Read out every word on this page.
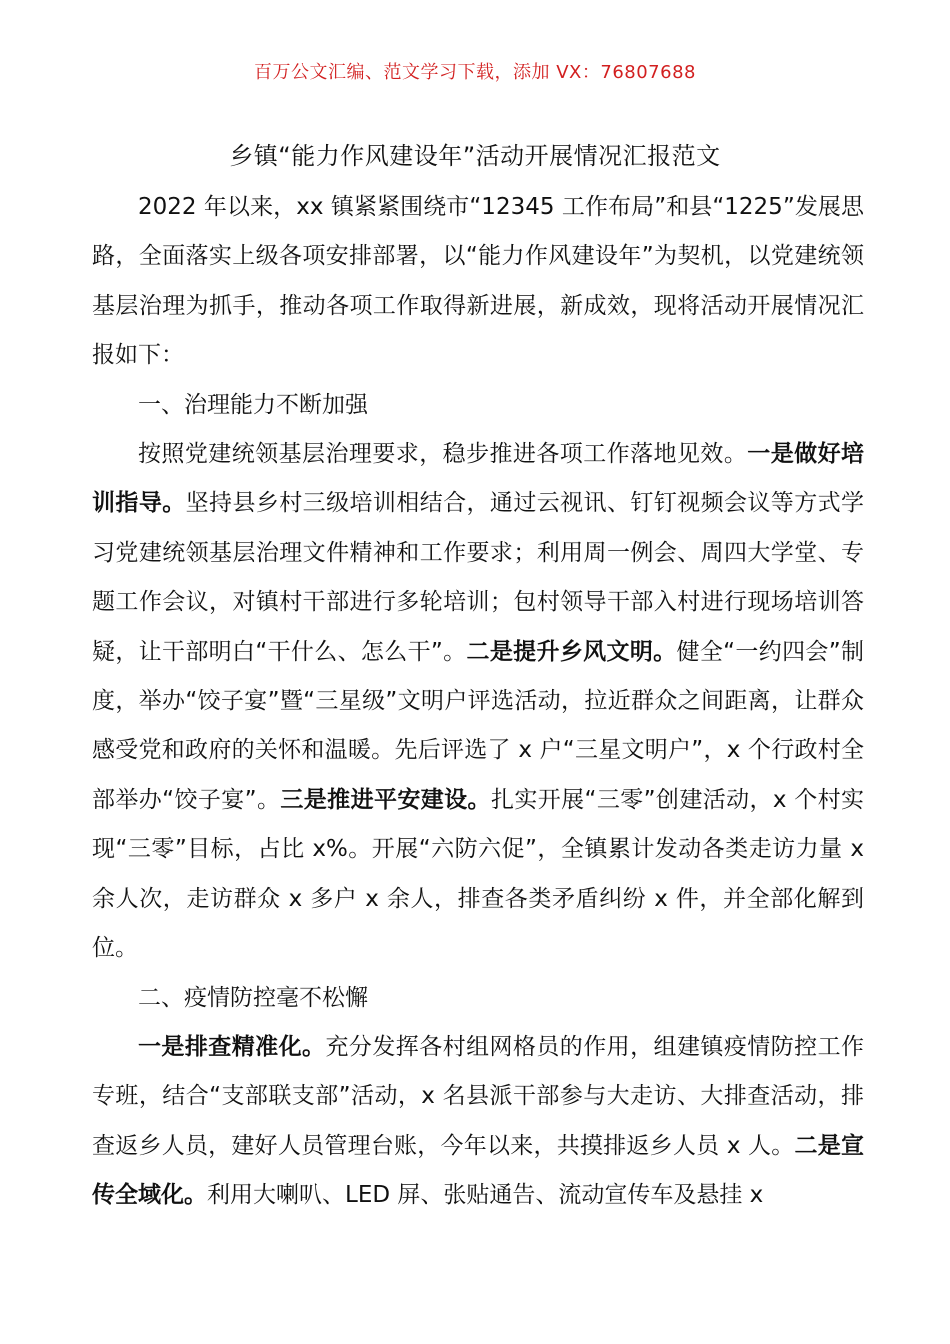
百万公文汇编、范文学习下载，添加 VX：76807688
乡镇“能力作风建设年”活动开展情况汇报范文

2022 年以来，xx 镇紧紧围绕市“12345 工作布局”和县“1225”发展思路，全面落实上级各项安排部署，以“能力作风建设年”为契机，以党建统领基层治理为抓手，推动各项工作取得新进展，新成效，现将活动开展情况汇报如下：

一、治理能力不断加强

按照党建统领基层治理要求，稳步推进各项工作落地见效。一是做好培训指导。坚持县乡村三级培训相结合，通过云视讯、钉钉视频会议等方式学习党建统领基层治理文件精神和工作要求；利用周一例会、周四大学堂、专题工作会议，对镇村干部进行多轮培训；包村领导干部入村进行现场培训答疑，让干部明白“干什么、怎么干”。二是提升乡风文明。健全“一约四会”制度，举办“饺子宴”暨“三星级”文明户评选活动，拉近群众之间距离，让群众感受党和政府的关怀和温暖。先后评选了 x 户“三星文明户”，x 个行政村全部举办“饺子宴”。三是推进平安建设。扎实开展“三零”创建活动，x 个村实现“三零”目标，占比 x%。开展“六防六促”，全镇累计发动各类走访力量 x 余人次，走访群众 x 多户 x 余人，排查各类矛盾纠纷 x 件，并全部化解到位。

二、疫情防控毫不松懈

一是排查精准化。充分发挥各村组网格员的作用，组建镇疫情防控工作专班，结合“支部联支部”活动，x 名县派干部参与大走访、大排查活动，排查返乡人员，建好人员管理台账，今年以来，共摸排返乡人员 x 人。二是宣传全域化。利用大喇叭、LED 屏、张贴通告、流动宣传车及悬挂 x
